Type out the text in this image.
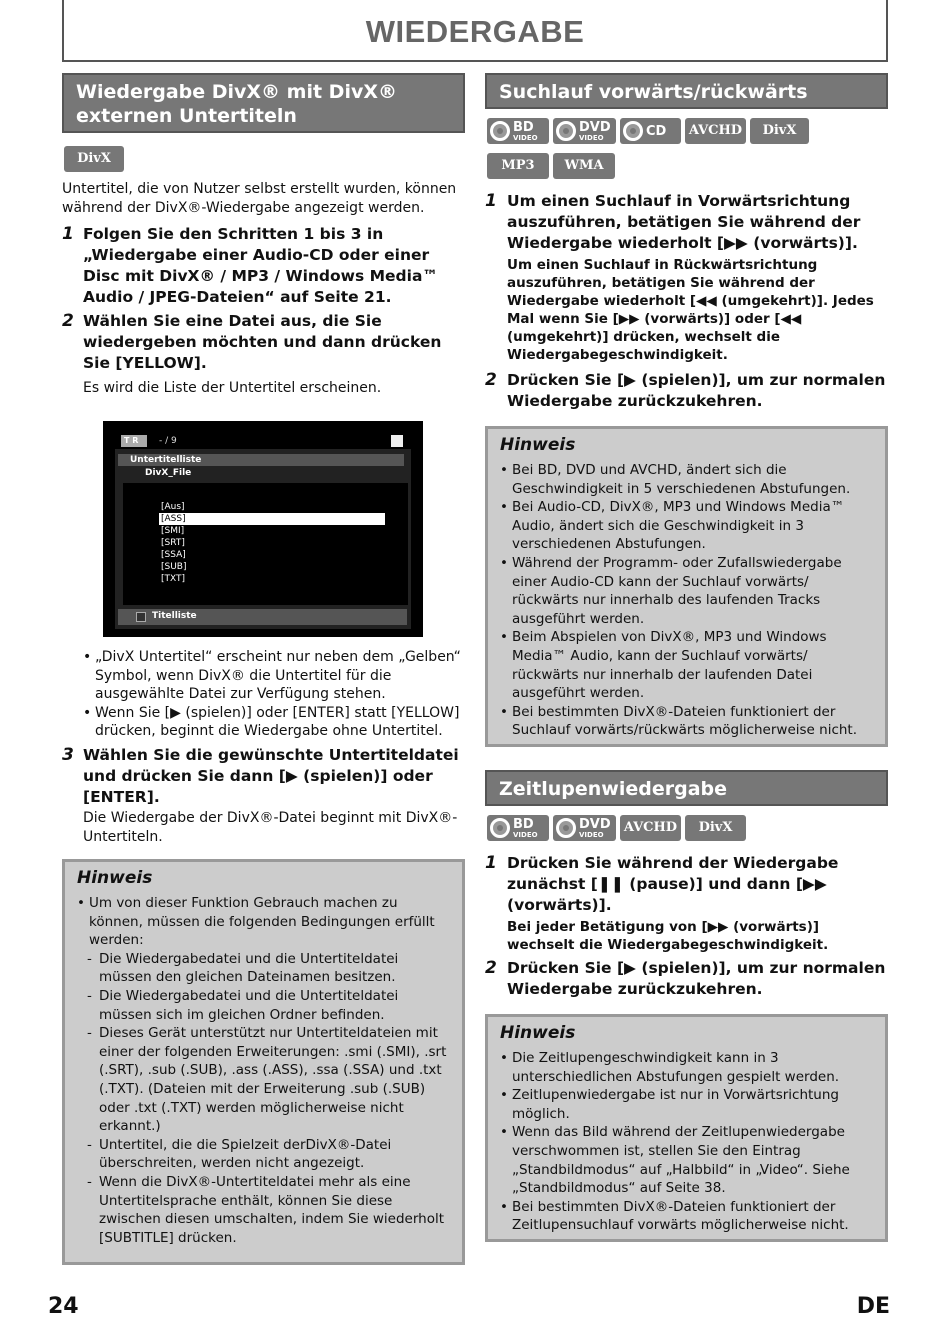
WIEDERGABE
Wiedergabe DivX® mit DivX® externen Untertiteln
DivX
Untertitel, die von Nutzer selbst erstellt wurden, können während der DivX®-Wiedergabe angezeigt werden.
1 Folgen Sie den Schritten 1 bis 3 in „Wiedergabe einer Audio-CD oder einer Disc mit DivX® / MP3 / Windows Media™ Audio / JPEG-Dateien“ auf Seite 21.
2 Wählen Sie eine Datei aus, die Sie wiedergeben möchten und dann drücken Sie [YELLOW].
Es wird die Liste der Untertitel erscheinen.
T R	- / 9
Untertitelliste
DivX_File
[Aus]
[ASS]
[SMI]
[SRT]
[SSA]
[SUB]
[TXT]
Titelliste
• „DivX Untertitel“ erscheint nur neben dem „Gelben“ Symbol, wenn DivX® die Untertitel für die ausgewählte Datei zur Verfügung stehen.
• Wenn Sie [▶ (spielen)] oder [ENTER] statt [YELLOW] drücken, beginnt die Wiedergabe ohne Untertitel.
3 Wählen Sie die gewünschte Untertiteldatei und drücken Sie dann [▶ (spielen)] oder [ENTER].
Die Wiedergabe der DivX®-Datei beginnt mit DivX®-Untertiteln.
Hinweis
• Um von dieser Funktion Gebrauch machen zu können, müssen die folgenden Bedingungen erfüllt werden:
- Die Wiedergabedatei und die Untertiteldatei müssen den gleichen Dateinamen besitzen.
- Die Wiedergabedatei und die Untertiteldatei müssen sich im gleichen Ordner befinden.
- Dieses Gerät unterstützt nur Untertiteldateien mit einer der folgenden Erweiterungen: .smi (.SMI), .srt (.SRT), .sub (.SUB), .ass (.ASS), .ssa (.SSA) und .txt (.TXT). (Dateien mit der Erweiterung .sub (.SUB) oder .txt (.TXT) werden möglicherweise nicht erkannt.)
- Untertitel, die die Spielzeit derDivX®-Datei überschreiten, werden nicht angezeigt.
- Wenn die DivX®-Untertiteldatei mehr als eine Untertitelsprache enthält, können Sie diese zwischen diesen umschalten, indem Sie wiederholt [SUBTITLE] drücken.
Suchlauf vorwärts/rückwärts
BD
VIDEO
DVD
VIDEO	CD	AVCHD	DivX
MP3	WMA
1 Um einen Suchlauf in Vorwärtsrichtung auszuführen, betätigen Sie während der Wiedergabe wiederholt [▶▶ (vorwärts)].
Um einen Suchlauf in Rückwärtsrichtung auszuführen, betätigen Sie während der Wiedergabe wiederholt [◀◀ (umgekehrt)]. Jedes Mal wenn Sie [▶▶ (vorwärts)] oder [◀◀ (umgekehrt)] drücken, wechselt die Wiedergabegeschwindigkeit.
2 Drücken Sie [▶ (spielen)], um zur normalen Wiedergabe zurückzukehren.
Hinweis
• Bei BD, DVD und AVCHD, ändert sich die Geschwindigkeit in 5 verschiedenen Abstufungen.
• Bei Audio-CD, DivX®, MP3 und Windows Media™ Audio, ändert sich die Geschwindigkeit in 3 verschiedenen Abstufungen.
• Während der Programm- oder Zufallswiedergabe einer Audio-CD kann der Suchlauf vorwärts/ rückwärts nur innerhalb des laufenden Tracks ausgeführt werden.
• Beim Abspielen von DivX®, MP3 und Windows Media™ Audio, kann der Suchlauf vorwärts/ rückwärts nur innerhalb der laufenden Datei ausgeführt werden.
• Bei bestimmten DivX®-Dateien funktioniert der Suchlauf vorwärts/rückwärts möglicherweise nicht.
Zeitlupenwiedergabe
BD
VIDEO
DVD
VIDEO	AVCHD	DivX
1 Drücken Sie während der Wiedergabe zunächst [❚❚ (pause)] und dann [▶▶ (vorwärts)].
Bei jeder Betätigung von [▶▶ (vorwärts)] wechselt die Wiedergabegeschwindigkeit.
2 Drücken Sie [▶ (spielen)], um zur normalen Wiedergabe zurückzukehren.
Hinweis
• Die Zeitlupengeschwindigkeit kann in 3 unterschiedlichen Abstufungen gespielt werden.
• Zeitlupenwiedergabe ist nur in Vorwärtsrichtung möglich.
• Wenn das Bild während der Zeitlupenwiedergabe verschwommen ist, stellen Sie den Eintrag „Standbildmodus“ auf „Halbbild“ in „Video“. Siehe „Standbildmodus“ auf Seite 38.
• Bei bestimmten DivX®-Dateien funktioniert der Zeitlupensuchlauf vorwärts möglicherweise nicht.
24	DE
